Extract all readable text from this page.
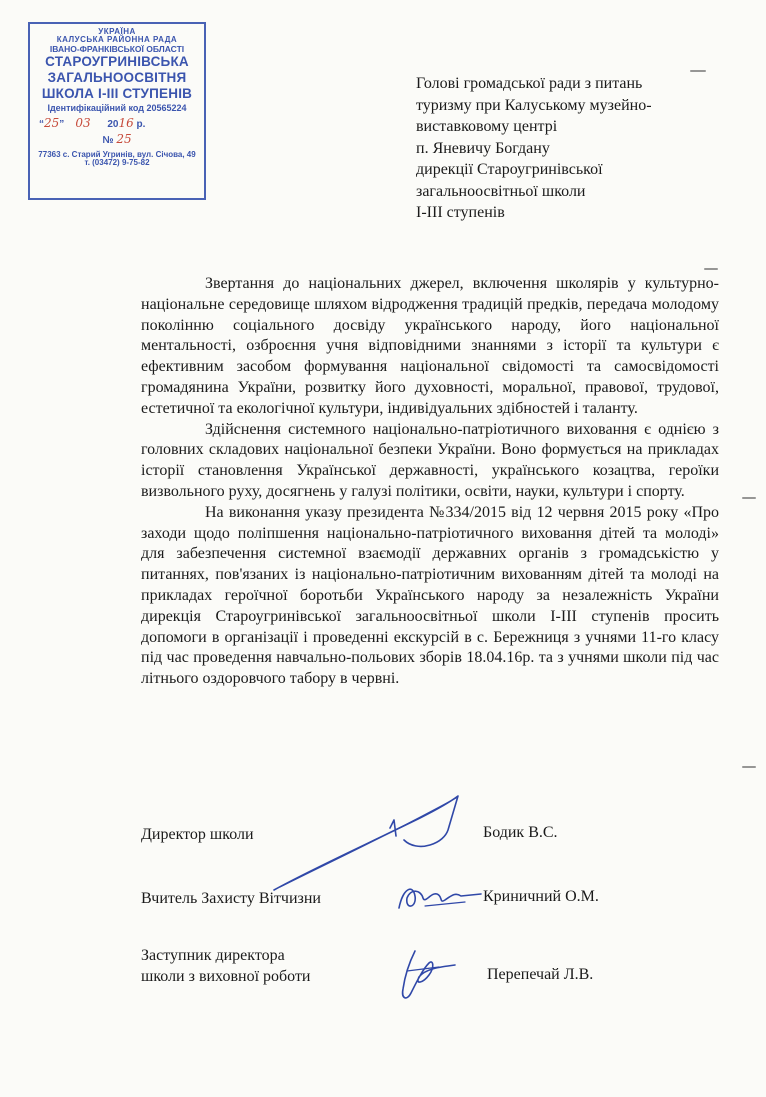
УКРАЇНА
КАЛУСЬКА РАЙОННА РАДА
ІВАНО-ФРАНКІВСЬКОЇ ОБЛАСТІ
СТАРОУГРИНІВСЬКА
ЗАГАЛЬНООСВІТНЯ
ШКОЛА І-ІІІ СТУПЕНІВ
Ідентифікаційний код 20565224
“25” 03 2016 р.
№ 25
77363 с. Старий Угринів, вул. Січова, 49
т. (03472) 9-75-82
Голові громадської ради з питань
туризму при Калуському музейно-
виставковому центрі
п. Яневичу Богдану
дирекції Староугринівської
загальноосвітньої школи
І-ІІІ ступенів

Звертання до національних джерел, включення школярів у культурно-національне середовище шляхом відродження традицій предків, передача молодому поколінню соціального досвіду українського народу, його національної ментальності, озброєння учня відповідними знаннями з історії та культури є ефективним засобом формування національної свідомості та самосвідомості громадянина України, розвитку його духовності, моральної, правової, трудової, естетичної та екологічної культури, індивідуальних здібностей і таланту.

Здійснення системного національно-патріотичного виховання є однією з головних складових національної безпеки України. Воно формується на прикладах історії становлення Української державності, українського козацтва, героїки визвольного руху, досягнень у галузі політики, освіти, науки, культури і спорту.

На виконання указу президента №334/2015 від 12 червня 2015 року «Про заходи щодо поліпшення національно-патріотичного виховання дітей та молоді» для забезпечення системної взаємодії державних органів з громадськістю у питаннях, пов'язаних із національно-патріотичним вихованням дітей та молоді на прикладах героїчної боротьби Українського народу за незалежність України дирекція Староугринівської загальноосвітньої школи І-ІІІ ступенів просить допомоги в організації і проведенні екскурсій в с. Бережниця з учнями 11-го класу під час проведення навчально-польових зборів 18.04.16р. та з учнями школи під час літнього оздоровчого табору в червні.

Директор школи	Бодик В.С.
Вчитель Захисту Вітчизни	Криничний О.М.
Заступник директора
школи з виховної роботи	Перепечай Л.В.
